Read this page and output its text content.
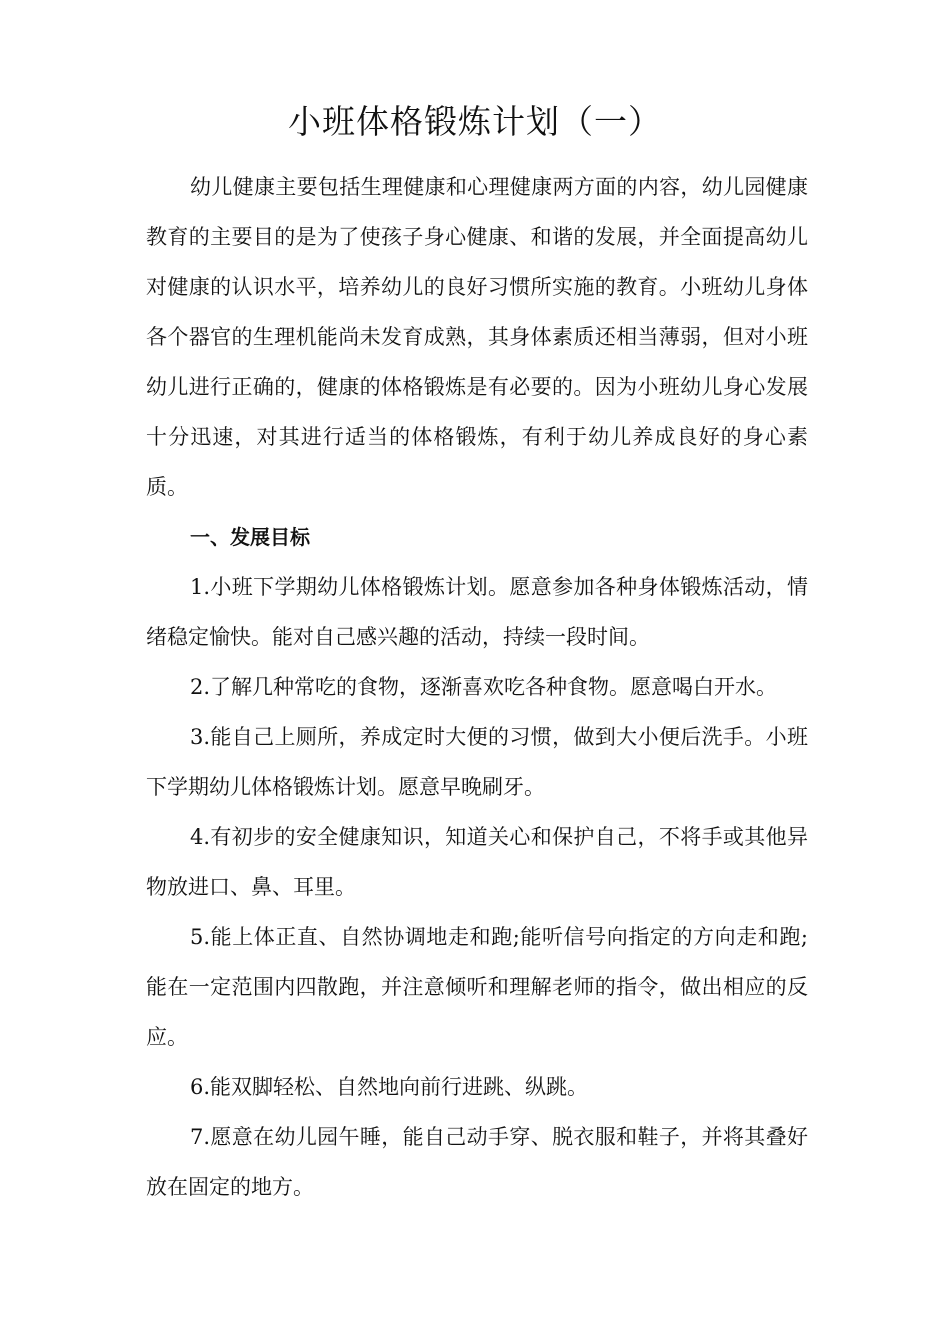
小班体格锻炼计划（一）

幼儿健康主要包括生理健康和心理健康两方面的内容，幼儿园健康教育的主要目的是为了使孩子身心健康、和谐的发展，并全面提高幼儿对健康的认识水平，培养幼儿的良好习惯所实施的教育。小班幼儿身体各个器官的生理机能尚未发育成熟，其身体素质还相当薄弱，但对小班幼儿进行正确的，健康的体格锻炼是有必要的。因为小班幼儿身心发展十分迅速，对其进行适当的体格锻炼，有利于幼儿养成良好的身心素质。

一、发展目标

1.小班下学期幼儿体格锻炼计划。愿意参加各种身体锻炼活动，情绪稳定愉快。能对自己感兴趣的活动，持续一段时间。

2.了解几种常吃的食物，逐渐喜欢吃各种食物。愿意喝白开水。

3.能自己上厕所，养成定时大便的习惯，做到大小便后洗手。小班下学期幼儿体格锻炼计划。愿意早晚刷牙。

4.有初步的安全健康知识，知道关心和保护自己，不将手或其他异物放进口、鼻、耳里。

5.能上体正直、自然协调地走和跑;能听信号向指定的方向走和跑;能在一定范围内四散跑，并注意倾听和理解老师的指令，做出相应的反应。

6.能双脚轻松、自然地向前行进跳、纵跳。

7.愿意在幼儿园午睡，能自己动手穿、脱衣服和鞋子，并将其叠好放在固定的地方。
